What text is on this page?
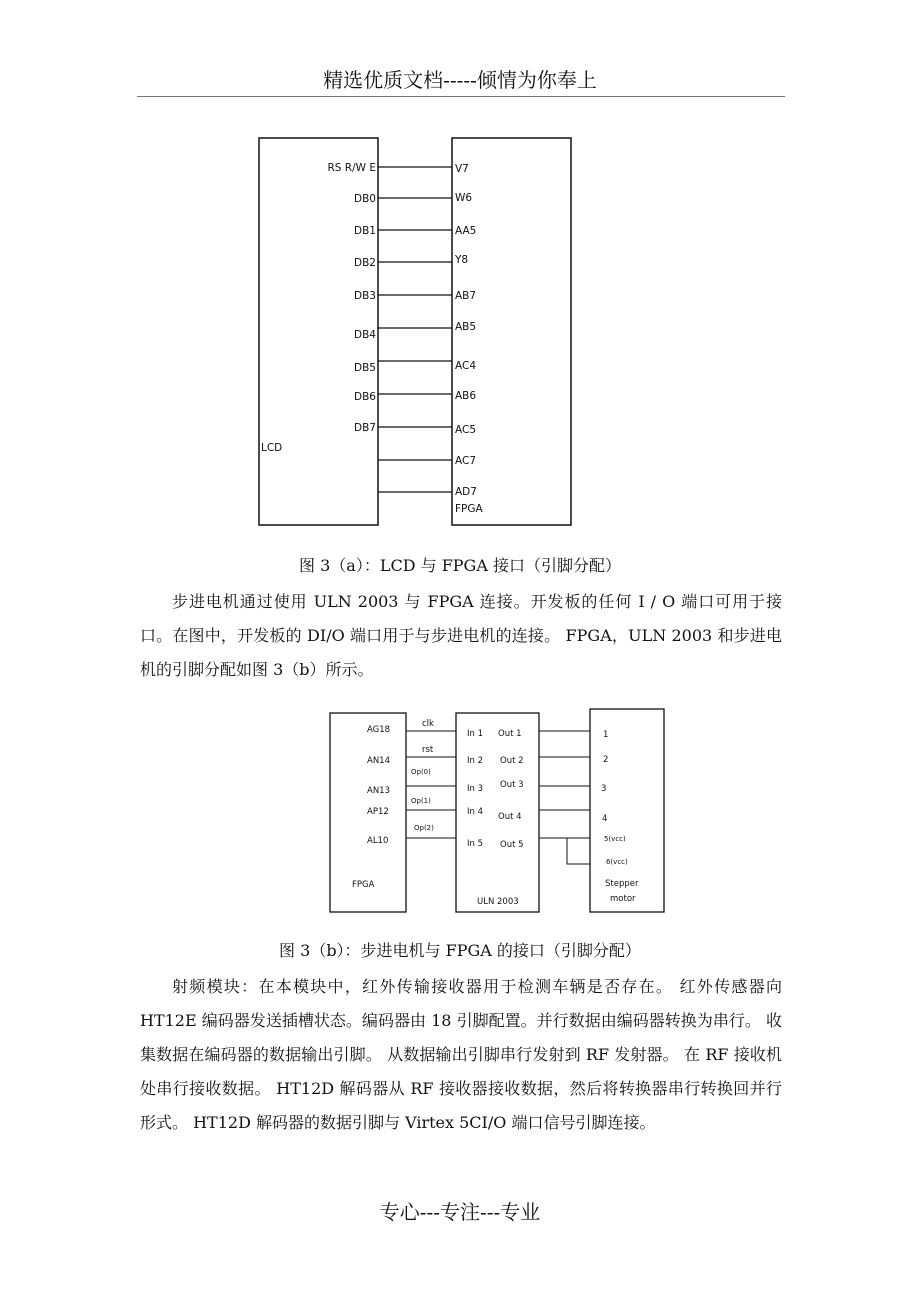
精选优质文档-----倾情为你奉上
RS R/W E
DB0
DB1
DB2
DB3
DB4
DB5
DB6
DB7
LCD
V7
W6
AA5
Y8
AB7
AB5
AC4
AB6
AC5
AC7
AD7
FPGA
图 3（a）：LCD 与 FPGA 接口（引脚分配）

步进电机通过使用 ULN 2003 与 FPGA 连接。开发板的任何 I / O 端口可用于接口。在图中，开发板的 DI/O 端口用于与步进电机的连接。 FPGA，ULN 2003 和步进电机的引脚分配如图 3（b）所示。

AG18
AN14
AN13
AP12
AL10
FPGA
clk
rst
Op(0)
Op(1)
Op(2)
In 1
In 2
In 3
In 4
In 5
Out 1
Out 2
Out 3
Out 4
Out 5
ULN 2003
1
2
3
4
5(vcc)
6(vcc)
Stepper
motor
图 3（b）：步进电机与 FPGA 的接口（引脚分配）

射频模块：在本模块中，红外传输接收器用于检测车辆是否存在。 红外传感器向 HT12E 编码器发送插槽状态。编码器由 18 引脚配置。并行数据由编码器转换为串行。 收集数据在编码器的数据输出引脚。 从数据输出引脚串行发射到 RF 发射器。 在 RF 接收机处串行接收数据。 HT12D 解码器从 RF 接收器接收数据，然后将转换器串行转换回并行形式。 HT12D 解码器的数据引脚与 Virtex 5CI/O 端口信号引脚连接。

专心---专注---专业
